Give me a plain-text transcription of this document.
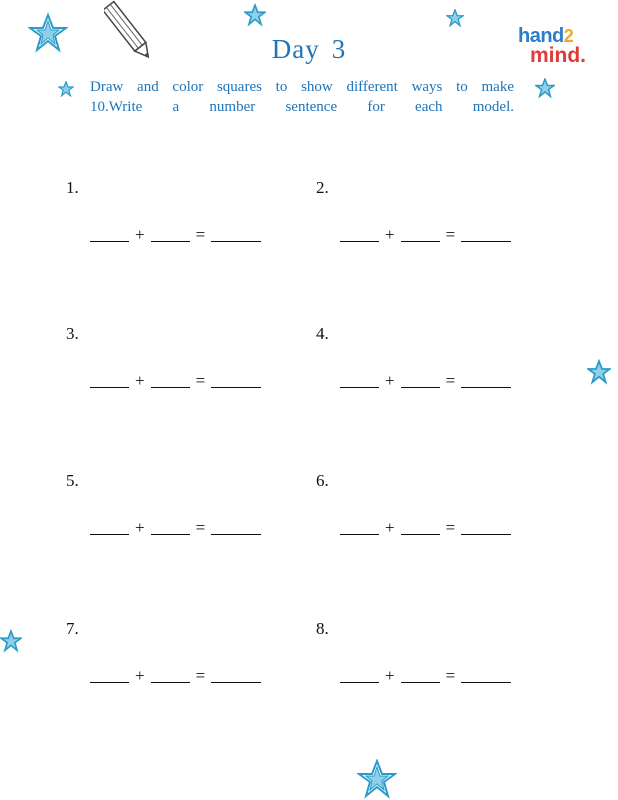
Day 3	hand2
mind.
Draw and color squares to show different ways to make 10.Write a number sentence for each model.
1.
+	=
2.
+	=
3.
+	=
4.
+	=
5.
+	=
6.
+	=
7.
+	=
8.
+	=
